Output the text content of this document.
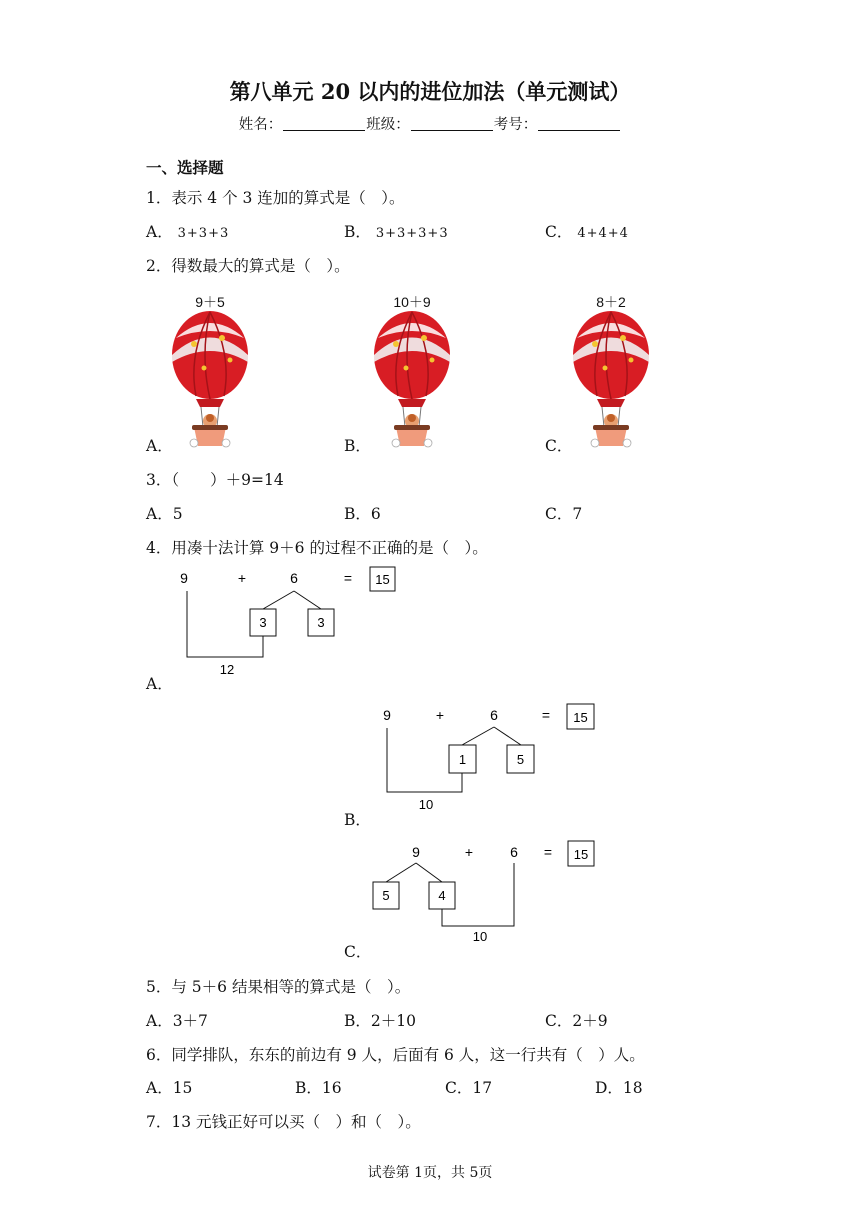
第八单元 20 以内的进位加法（单元测试）
姓名：	班级：	考号：
一、选择题
1．表示 4 个 3 连加的算式是（　）。
A． 3+3+3	B． 3+3+3+3	C． 4+4+4
2．得数最大的算式是（　）。
9＋5
A．
10＋9
B．
8＋2
C．
3．（　　）＋9=14
A．5	B．6	C．7
4．用凑十法计算 9＋6 的过程不正确的是（　）。
9	+	6	= 15
3	3
12
A．
9	+	6	= 15
1	5
10
B．
9	+	6 = 15
5	4
10
C．
5．与 5＋6 结果相等的算式是（　）。
A．3＋7	B．2＋10	C．2＋9
6．同学排队，东东的前边有 9 人，后面有 6 人，这一行共有（　）人。
A．15	B．16	C．17	D．18
7．13 元钱正好可以买（　）和（　）。
试卷第 1页，共 5页
